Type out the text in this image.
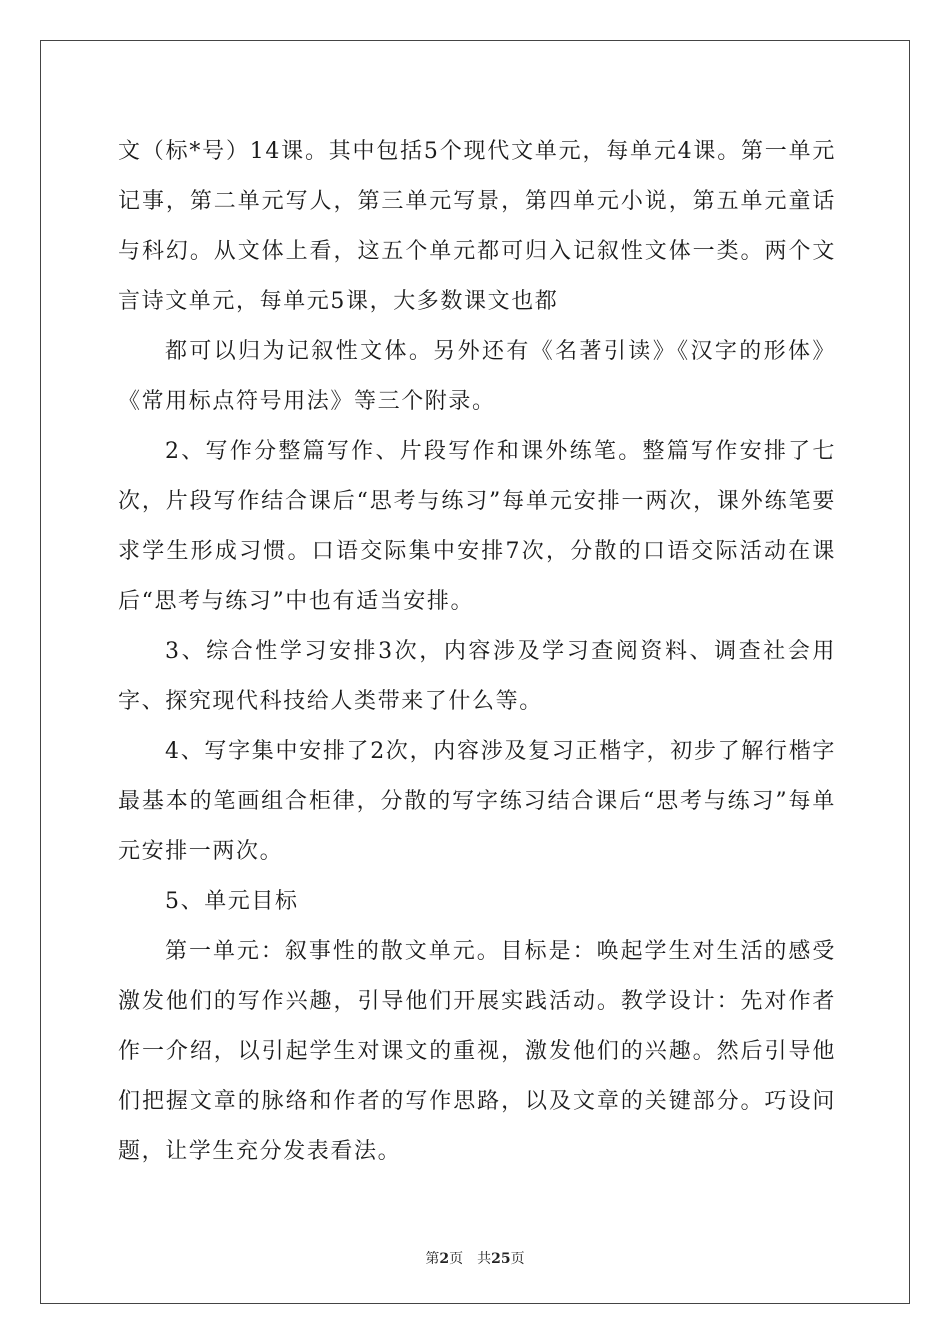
文（标*号）14课。其中包括5个现代文单元，每单元4课。第一单元记事，第二单元写人，第三单元写景，第四单元小说，第五单元童话与科幻。从文体上看，这五个单元都可归入记叙性文体一类。两个文言诗文单元，每单元5课，大多数课文也都

都可以归为记叙性文体。另外还有《名著引读》《汉字的形体》《常用标点符号用法》等三个附录。

2、写作分整篇写作、片段写作和课外练笔。整篇写作安排了七次，片段写作结合课后“思考与练习”每单元安排一两次，课外练笔要求学生形成习惯。口语交际集中安排7次，分散的口语交际活动在课后“思考与练习”中也有适当安排。

3、综合性学习安排3次，内容涉及学习查阅资料、调查社会用字、探究现代科技给人类带来了什么等。

4、写字集中安排了2次，内容涉及复习正楷字，初步了解行楷字最基本的笔画组合柜律，分散的写字练习结合课后“思考与练习”每单元安排一两次。

5、单元目标

第一单元：叙事性的散文单元。目标是：唤起学生对生活的感受激发他们的写作兴趣，引导他们开展实践活动。教学设计：先对作者作一介绍，以引起学生对课文的重视，激发他们的兴趣。然后引导他们把握文章的脉络和作者的写作思路，以及文章的关键部分。巧设问题，让学生充分发表看法。

第2页 共25页
